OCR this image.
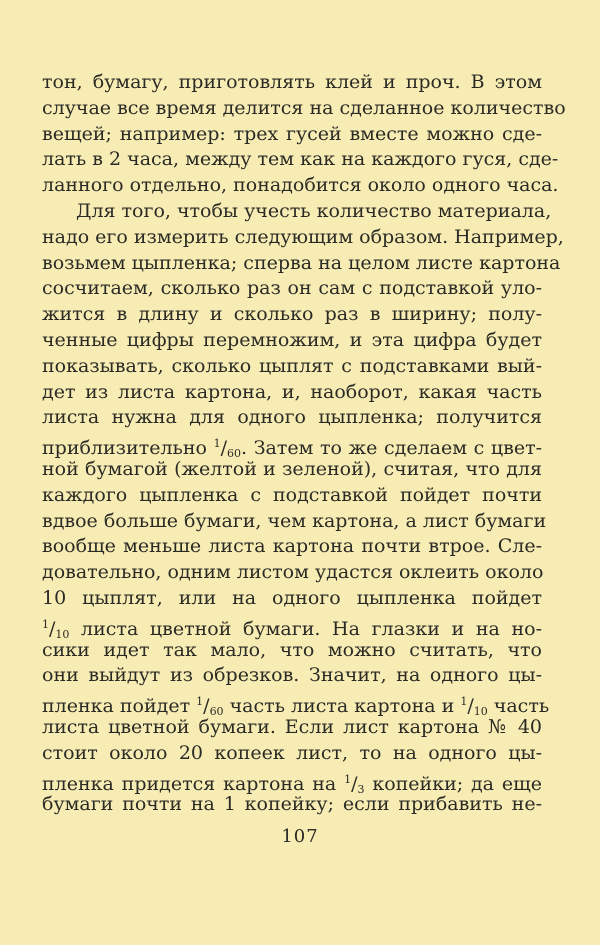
тон, бумагу, приготовлять клей и проч. В этом
случае все время делится на сделанное количество
вещей; например: трех гусей вместе можно сде-
лать в 2 часа, между тем как на каждого гуся, сде-
ланного отдельно, понадобится около одного часа.
Для того, чтобы учесть количество материала,
надо его измерить следующим образом. Например,
возьмем цыпленка; сперва на целом листе картона
сосчитаем, сколько раз он сам с подставкой уло-
жится в длину и сколько раз в ширину; полу-
ченные цифры перемножим, и эта цифра будет
показывать, сколько цыплят с подставками вый-
дет из листа картона, и, наоборот, какая часть
листа нужна для одного цыпленка; получится
приблизительно $^1/_{60}$. Затем то же сделаем с цвет-
ной бумагой (желтой и зеленой), считая, что для
каждого цыпленка с подставкой пойдет почти
вдвое больше бумаги, чем картона, а лист бумаги
вообще меньше листа картона почти втрое. Сле-
довательно, одним листом удастся оклеить около
10 цыплят, или на одного цыпленка пойдет
$^1/_{10}$ листа цветной бумаги. На глазки и на но-
сики идет так мало, что можно считать, что
они выйдут из обрезков. Значит, на одного цы-
пленка пойдет $^1/_{60}$ часть листа картона и $^1/_{10}$ часть
листа цветной бумаги. Если лист картона № 40
стоит около 20 копеек лист, то на одного цы-
пленка придется картона на $^1/_3$ копейки; да еще
бумаги почти на 1 копейку; если прибавить не-
107
